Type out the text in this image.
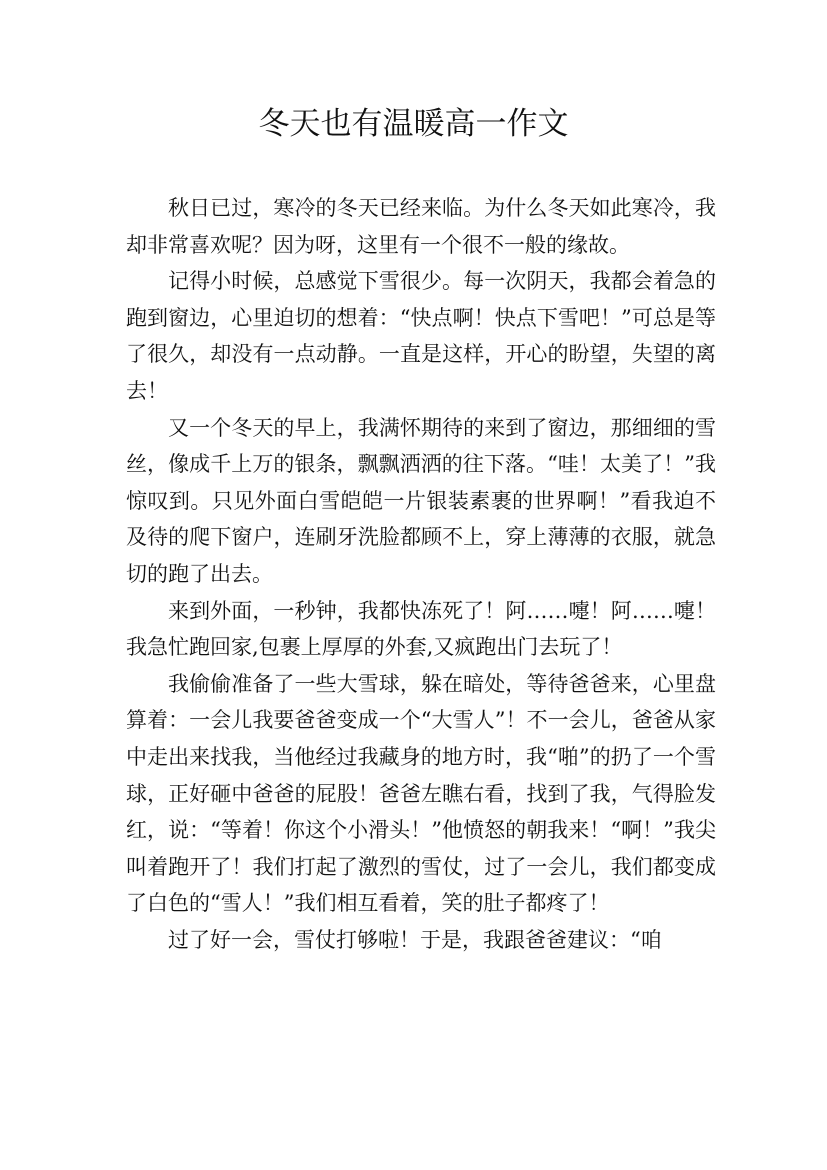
冬天也有温暖高一作文

秋日已过，寒冷的冬天已经来临。为什么冬天如此寒冷，我却非常喜欢呢？因为呀，这里有一个很不一般的缘故。

记得小时候，总感觉下雪很少。每一次阴天，我都会着急的跑到窗边，心里迫切的想着：“快点啊！快点下雪吧！”可总是等了很久，却没有一点动静。一直是这样，开心的盼望，失望的离去！

又一个冬天的早上，我满怀期待的来到了窗边，那细细的雪丝，像成千上万的银条，飘飘洒洒的往下落。“哇！太美了！”我惊叹到。只见外面白雪皑皑一片银装素裹的世界啊！”看我迫不及待的爬下窗户，连刷牙洗脸都顾不上，穿上薄薄的衣服，就急切的跑了出去。

来到外面，一秒钟，我都快冻死了！阿……嚏！阿……嚏！我急忙跑回家,包裹上厚厚的外套,又疯跑出门去玩了！

我偷偷准备了一些大雪球，躲在暗处，等待爸爸来，心里盘算着：一会儿我要爸爸变成一个“大雪人”！不一会儿，爸爸从家中走出来找我，当他经过我藏身的地方时，我“啪”的扔了一个雪球，正好砸中爸爸的屁股！爸爸左瞧右看，找到了我，气得脸发红，说：“等着！你这个小滑头！”他愤怒的朝我来！“啊！”我尖叫着跑开了！我们打起了激烈的雪仗，过了一会儿，我们都变成了白色的“雪人！”我们相互看着，笑的肚子都疼了！

过了好一会，雪仗打够啦！于是，我跟爸爸建议：“咱
